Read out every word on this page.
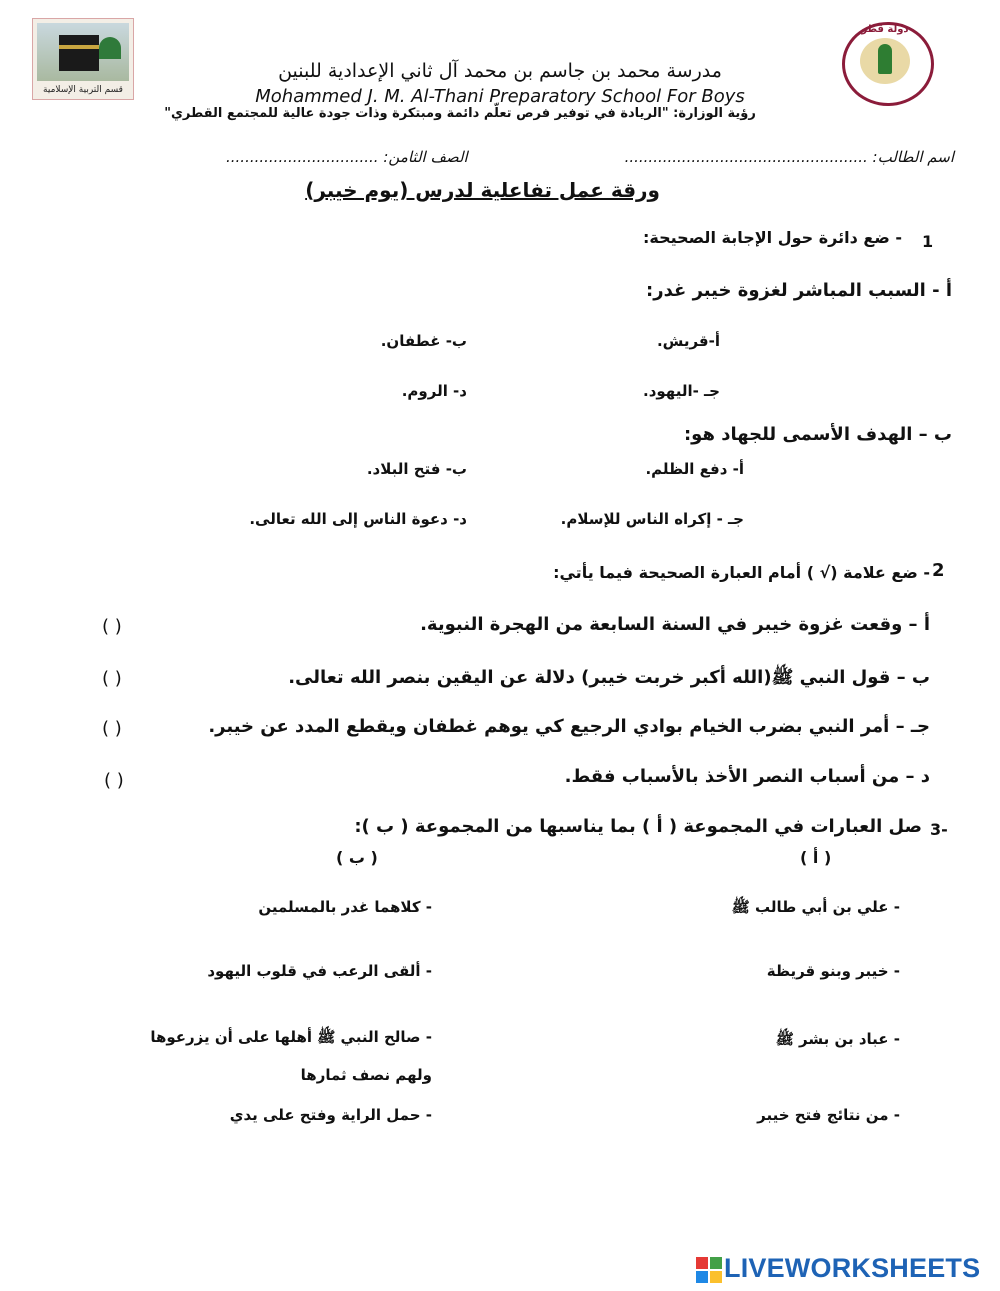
قسم التربية الإسلامية
دولة قطر
مدرسة محمد بن جاسم بن محمد آل ثاني الإعدادية للبنين
Mohammed J. M. Al-Thani Preparatory School For Boys
رؤية الوزارة: "الريادة في توفير فرص تعلّم دائمة ومبتكرة وذات جودة عالية للمجتمع القطري"
اسم الطالب: ...................................................
الصف الثامن: ................................
ورقة عمل تفاعلية لدرس (يوم خيبر)
1
- ضع دائرة حول الإجابة الصحيحة:
أ - السبب المباشر لغزوة خيبر غدر:
أ-قريش.
ب- غطفان.
جـ -اليهود.
د- الروم.
ب – الهدف الأسمى للجهاد هو:
أ- دفع الظلم.
ب- فتح البلاد.
جـ - إكراه الناس للإسلام.
د- دعوة الناس إلى الله تعالى.
2
- ضع علامة (√ ) أمام العبارة الصحيحة فيما يأتي:
أ – وقعت غزوة خيبر في السنة السابعة من الهجرة النبوية.
( )
ب – قول النبي ﷺ(الله أكبر خربت خيبر) دلالة عن اليقين بنصر الله تعالى.
( )
جـ – أمر النبي بضرب الخيام بوادي الرجيع كي يوهم غطفان ويقطع المدد عن خيبر.
( )
د – من أسباب النصر الأخذ بالأسباب فقط.
( )
3-
صل العبارات في المجموعة ( أ ) بما يناسبها من المجموعة ( ب ):
( أ )
( ب )
- علي بن أبي طالب ﷺ
- خيبر وبنو قريظة
- عباد بن بشر ﷺ
- من نتائج فتح خيبر
- كلاهما غدر بالمسلمين
- ألقى الرعب في قلوب اليهود
- صالح النبي ﷺ أهلها على أن يزرعوها
ولهم نصف ثمارها
- حمل الراية وفتح على يدي
LIVEWORKSHEETS
